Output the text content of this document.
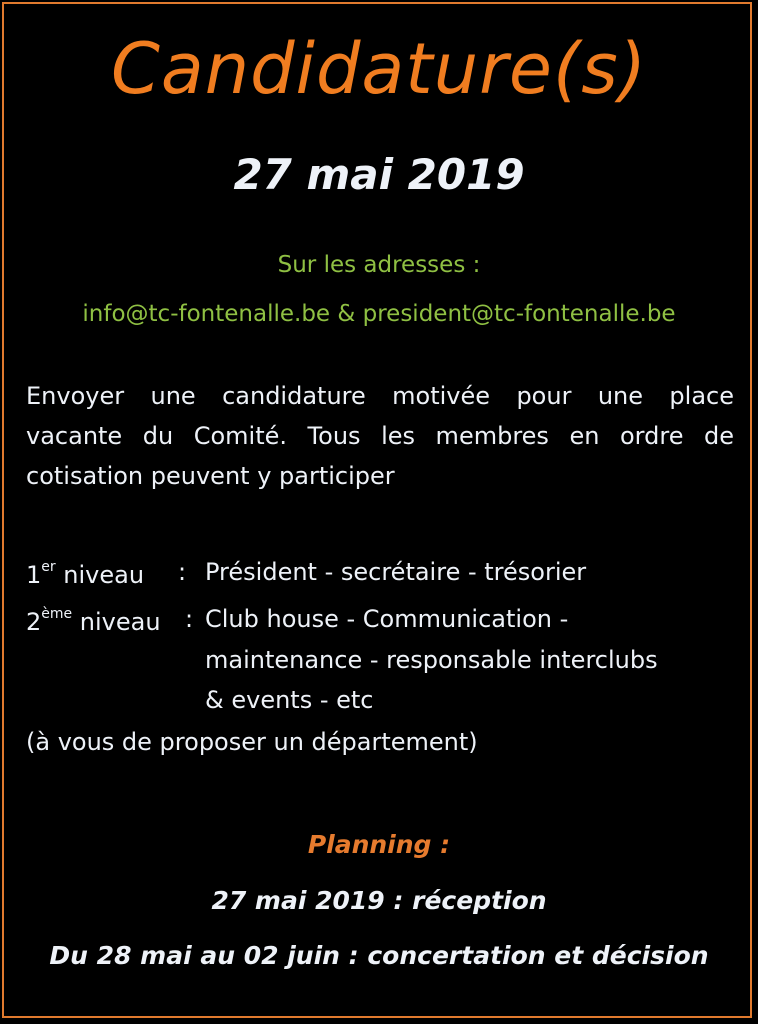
Candidature(s)
27 mai 2019
Sur les adresses :
info@tc-fontenalle.be & president@tc-fontenalle.be
Envoyer une candidature motivée pour une place
vacante du Comité. Tous les membres en ordre de
cotisation peuvent y participer
1er niveau : Président - secrétaire - trésorier
2ème niveau : Club house - Communication -
maintenance - responsable interclubs
& events - etc
(à vous de proposer un département)
Planning :
27 mai 2019 : réception
Du 28 mai au 02 juin : concertation et décision
